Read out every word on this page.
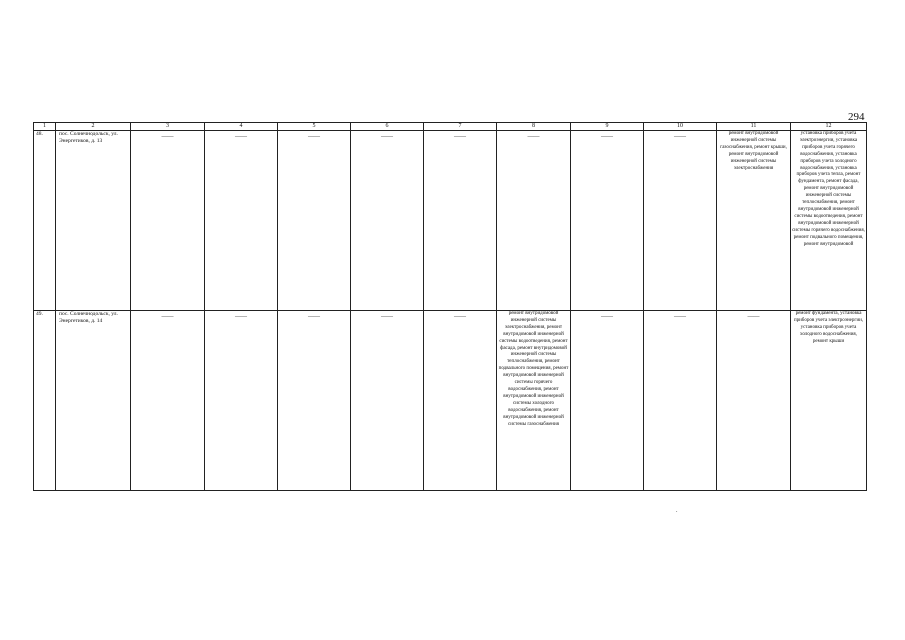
294
1	2	3	4	5	6	7	8	9	10	11	12
48.	пос. Солнечнодольск, ул. Энергетиков, д. 13	——	——	——	——	——	——	——	——	ремонт внутридомовой инженерной системы газоснабжения, ремонт крыши, ремонт внутридомовой инженерной системы электроснабжения	установка приборов учета электроэнергии, установка приборов учета горячего водоснабжения, установка приборов учета холодного водоснабжения, установка приборов учета тепла, ремонт фундамента, ремонт фасада, ремонт внутридомовой инженерной системы теплоснабжения, ремонт внутридомовой инженерной системы водоотведения, ремонт внутридомовой инженерной системы горячего водоснабжения, ремонт подвального помещения, ремонт внутридомовой
49.	пос. Солнечнодольск, ул. Энергетиков, д. 14	——	——	——	——	——	ремонт внутридомовой инженерной системы электроснабжения, ремонт внутридомовой инженерной системы водоотведения, ремонт фасада, ремонт внутридомовой инженерной системы теплоснабжения, ремонт подвального помещения, ремонт внутридомовой инженерной системы горячего водоснабжения, ремонт внутридомовой инженерной системы холодного водоснабжения, ремонт внутридомовой инженерной системы газоснабжения	——	——	——	ремонт фундамента, установка приборов учета электроэнергии, установка приборов учета холодного водоснабжения, ремонт крыши
.
